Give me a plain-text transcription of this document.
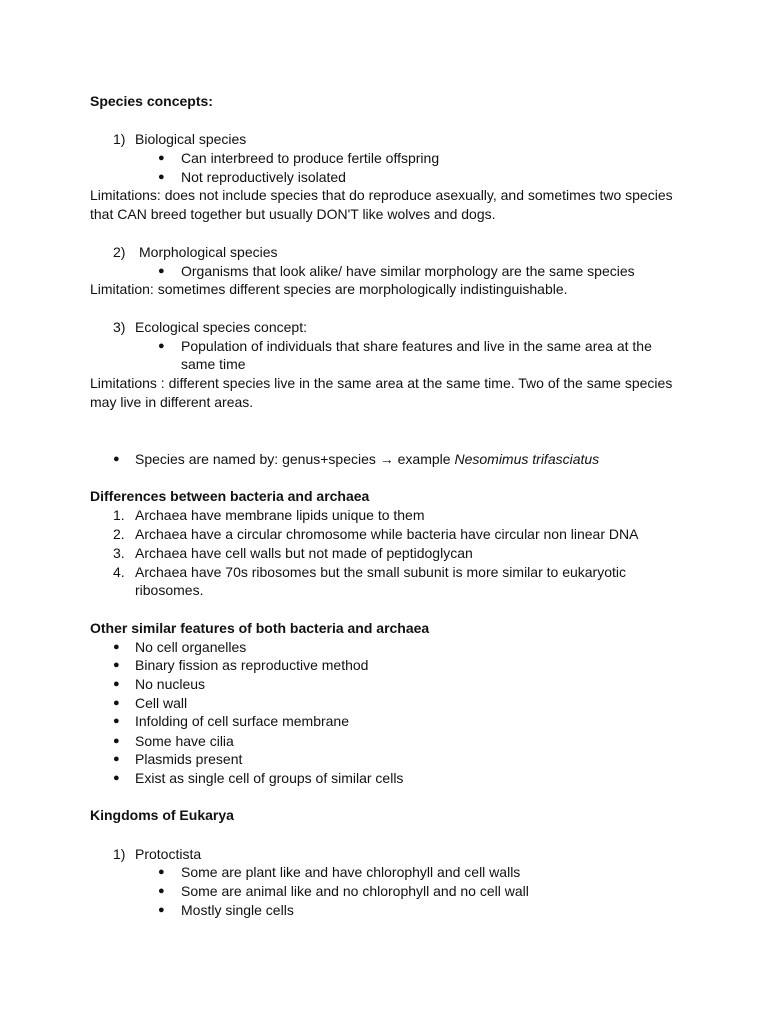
Species concepts:
1) Biological species
● Can interbreed to produce fertile offspring
● Not reproductively isolated
Limitations: does not include species that do reproduce asexually, and sometimes two species
that CAN breed together but usually DON'T like wolves and dogs.
2) Morphological species
● Organisms that look alike/ have similar morphology are the same species
Limitation: sometimes different species are morphologically indistinguishable.
3) Ecological species concept:
● Population of individuals that share features and live in the same area at the
same time
Limitations : different species live in the same area at the same time. Two of the same species
may live in different areas.
● Species are named by: genus+species → example Nesomimus trifasciatus
Differences between bacteria and archaea
1. Archaea have membrane lipids unique to them
2. Archaea have a circular chromosome while bacteria have circular non linear DNA
3. Archaea have cell walls but not made of peptidoglycan
4. Archaea have 70s ribosomes but the small subunit is more similar to eukaryotic
ribosomes.
Other similar features of both bacteria and archaea
● No cell organelles
● Binary fission as reproductive method
● No nucleus
● Cell wall
● Infolding of cell surface membrane
● Some have cilia
● Plasmids present
● Exist as single cell of groups of similar cells
Kingdoms of Eukarya
1) Protoctista
● Some are plant like and have chlorophyll and cell walls
● Some are animal like and no chlorophyll and no cell wall
● Mostly single cells
